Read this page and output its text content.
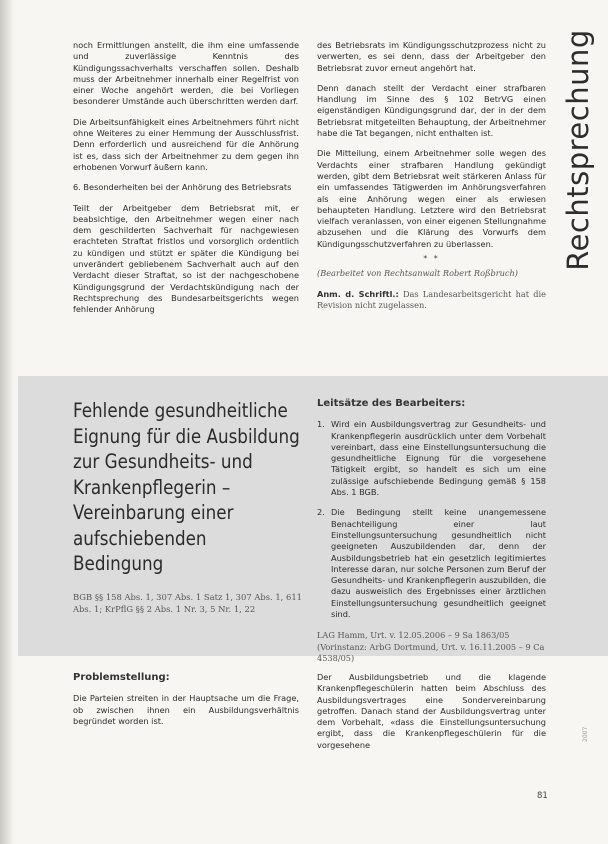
noch Ermittlungen anstellt, die ihm eine umfassende und zuverlässige Kenntnis des Kündigungssachverhalts verschaffen sollen. Deshalb muss der Arbeitnehmer innerhalb einer Regelfrist von einer Woche angehört werden, die bei Vorliegen besonderer Umstände auch überschritten werden darf.

Die Arbeitsunfähigkeit eines Arbeitnehmers führt nicht ohne Weiteres zu einer Hemmung der Ausschlussfrist. Denn erforderlich und ausreichend für die Anhörung ist es, dass sich der Arbeitnehmer zu dem gegen ihn erhobenen Vorwurf äußern kann.

6. Besonderheiten bei der Anhörung des Betriebsrats

Teilt der Arbeitgeber dem Betriebsrat mit, er beabsichtige, den Arbeitnehmer wegen einer nach dem geschilderten Sachverhalt für nachgewiesen erachteten Straftat fristlos und vorsorglich ordentlich zu kündigen und stützt er später die Kündigung bei unverändert gebliebenem Sachverhalt auch auf den Verdacht dieser Straftat, so ist der nachgeschobene Kündigungsgrund der Verdachtskündigung nach der Rechtsprechung des Bundesarbeitsgerichts wegen fehlender Anhörung

des Betriebsrats im Kündigungsschutzprozess nicht zu verwerten, es sei denn, dass der Arbeitgeber den Betriebsrat zuvor erneut angehört hat.

Denn danach stellt der Verdacht einer strafbaren Handlung im Sinne des § 102 BetrVG einen eigenständigen Kündigungsgrund dar, der in der dem Betriebsrat mitgeteilten Behauptung, der Arbeitnehmer habe die Tat begangen, nicht enthalten ist.

Die Mitteilung, einem Arbeitnehmer solle wegen des Verdachts einer strafbaren Handlung gekündigt werden, gibt dem Betriebsrat weit stärkeren Anlass für ein umfassendes Tätigwerden im Anhörungsverfahren als eine Anhörung wegen einer als erwiesen behaupteten Handlung. Letztere wird den Betriebsrat vielfach veranlassen, von einer eigenen Stellungnahme abzusehen und die Klärung des Vorwurfs dem Kündigungsschutzverfahren zu überlassen.

* *

(Bearbeitet von Rechtsanwalt Robert Roßbruch)

Anm. d. Schriftl.: Das Landesarbeitsgericht hat die Revision nicht zugelassen.

Rechtsprechung
Fehlende gesundheitliche Eignung für die Ausbildung zur Gesundheits- und Krankenpflegerin – Vereinbarung einer aufschiebenden Bedingung
BGB §§ 158 Abs. 1, 307 Abs. 1 Satz 1, 307 Abs. 1, 611 Abs. 1; KrPflG §§ 2 Abs. 1 Nr. 3, 5 Nr. 1, 22
Leitsätze des Bearbeiters:
1. Wird ein Ausbildungsvertrag zur Gesundheits- und Krankenpflegerin ausdrücklich unter dem Vorbehalt vereinbart, dass eine Einstellungsuntersuchung die gesundheitliche Eignung für die vorgesehene Tätigkeit ergibt, so handelt es sich um eine zulässige aufschiebende Bedingung gemäß § 158 Abs. 1 BGB.
2. Die Bedingung stellt keine unangemessene Benachteiligung einer laut Einstellungsuntersuchung gesundheitlich nicht geeigneten Auszubildenden dar, denn der Ausbildungsbetrieb hat ein gesetzlich legitimiertes Interesse daran, nur solche Personen zum Beruf der Gesundheits- und Krankenpflegerin auszubilden, die dazu ausweislich des Ergebnisses einer ärztlichen Einstellungsuntersuchung gesundheitlich geeignet sind.
LAG Hamm, Urt. v. 12.05.2006 – 9 Sa 1863/05 (Vorinstanz: ArbG Dortmund, Urt. v. 16.11.2005 – 9 Ca 4538/05)
Problemstellung:

Die Parteien streiten in der Hauptsache um die Frage, ob zwischen ihnen ein Ausbildungsverhältnis begründet worden ist.

Der Ausbildungsbetrieb und die klagende Krankenpflegeschülerin hatten beim Abschluss des Ausbildungsvertrages eine Sondervereinbarung getroffen. Danach stand der Ausbildungsvertrag unter dem Vorbehalt, «dass die Einstellungsuntersuchung ergibt, dass die Krankenpflegeschülerin für die vorgesehene

81
2007
